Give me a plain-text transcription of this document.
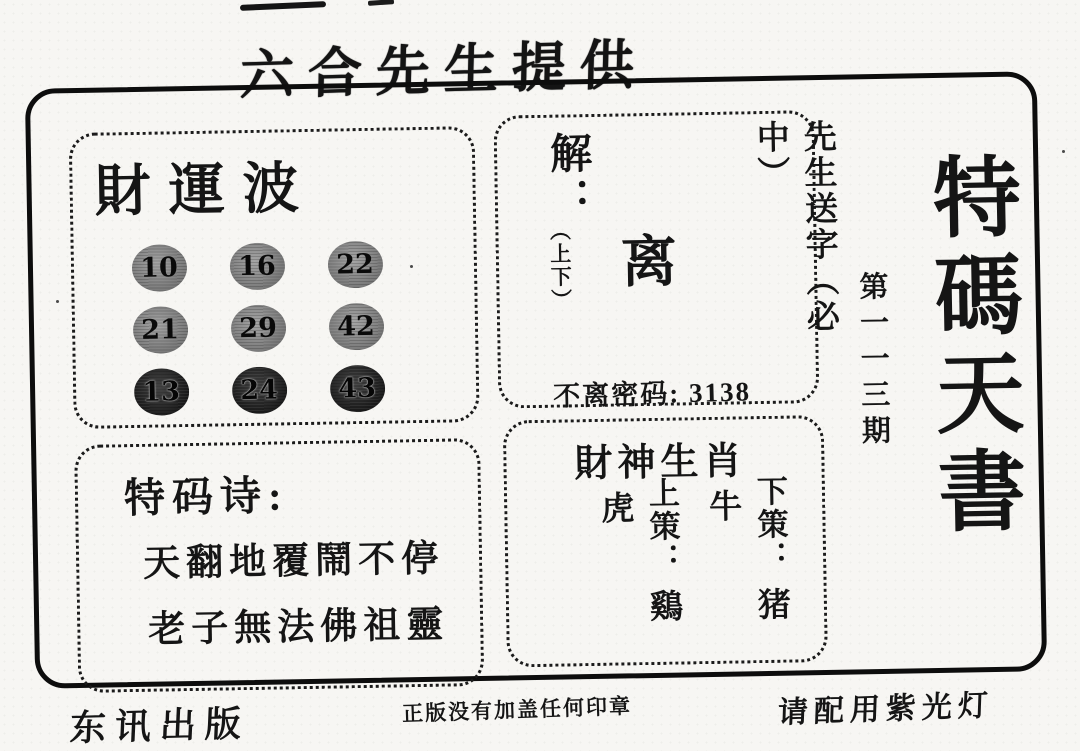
六合先生提供
財運波
10 16 22
21 29 42
13 24 43
解：
（上下） 离	先生送字（必中）
不离密码: 3138
特码诗:
天翻地覆鬧不停
老子無法佛祖靈
財神生肖
上策：鷄虎	下策：猪牛	特碼天書
第一一三期
东讯出版	正版没有加盖任何印章	请配用紫光灯
